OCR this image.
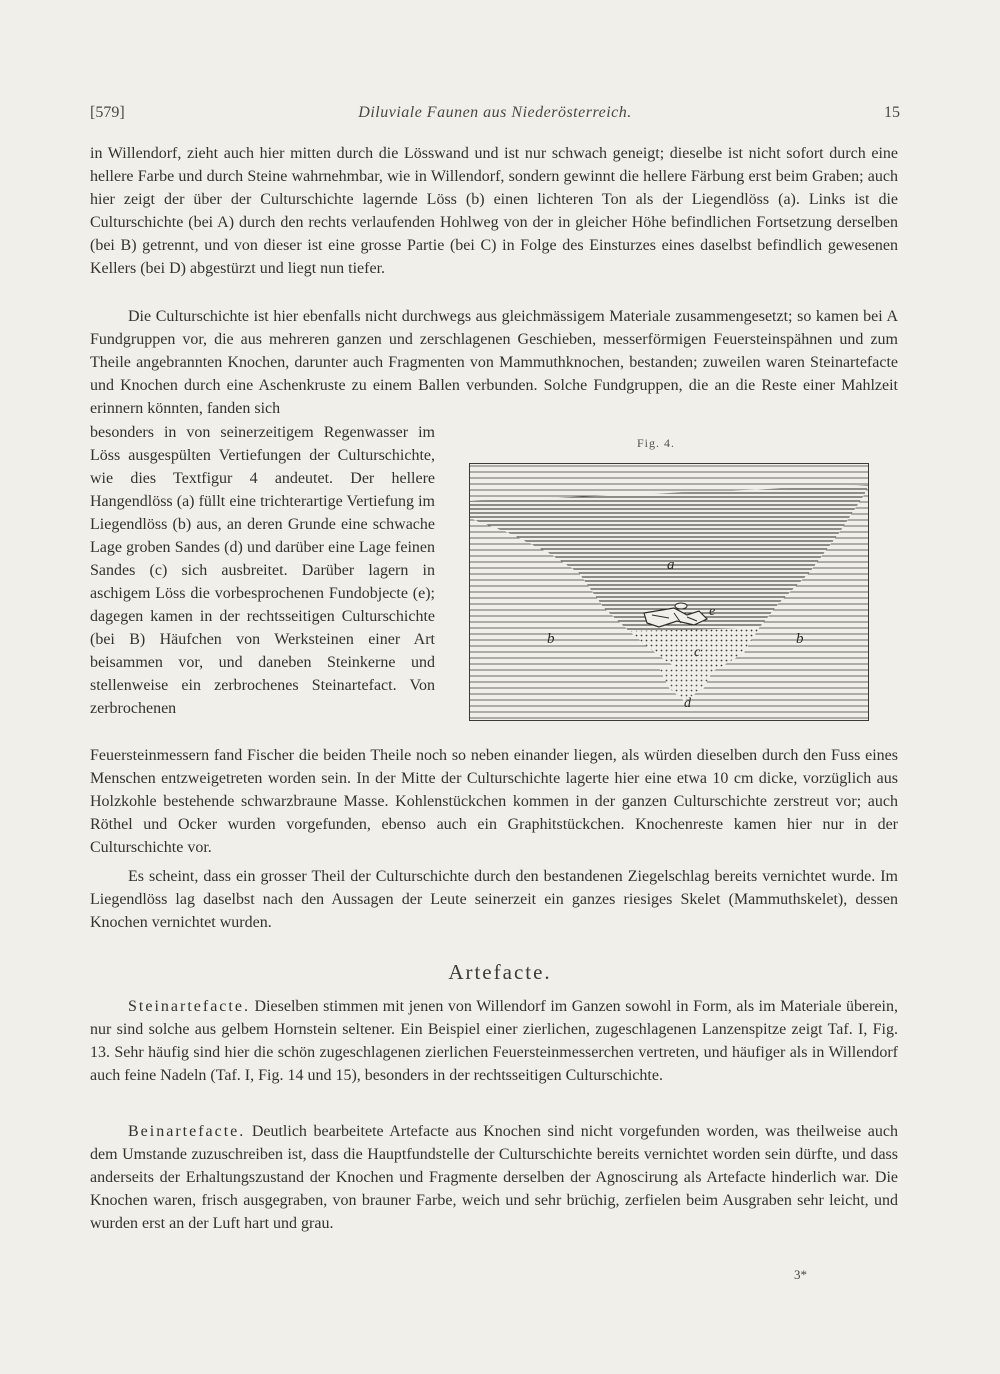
[579]	Diluviale Faunen aus Niederösterreich.	15

in Willendorf, zieht auch hier mitten durch die Lösswand und ist nur schwach geneigt; dieselbe ist nicht sofort durch eine hellere Farbe und durch Steine wahrnehmbar, wie in Willendorf, sondern gewinnt die hellere Färbung erst beim Graben; auch hier zeigt der über der Culturschichte lagernde Löss (b) einen lichteren Ton als der Liegendlöss (a). Links ist die Culturschichte (bei A) durch den rechts verlaufenden Hohlweg von der in gleicher Höhe befindlichen Fortsetzung derselben (bei B) getrennt, und von dieser ist eine grosse Partie (bei C) in Folge des Einsturzes eines daselbst befindlich gewesenen Kellers (bei D) abgestürzt und liegt nun tiefer.

Die Culturschichte ist hier ebenfalls nicht durchwegs aus gleichmässigem Materiale zusammengesetzt; so kamen bei A Fundgruppen vor, die aus mehreren ganzen und zerschlagenen Geschieben, messerförmigen Feuersteinspähnen und zum Theile angebrannten Knochen, darunter auch Fragmenten von Mammuthknochen, bestanden; zuweilen waren Steinartefacte und Knochen durch eine Aschenkruste zu einem Ballen verbunden. Solche Fundgruppen, die an die Reste einer Mahlzeit erinnern könnten, fanden sich

besonders in von seinerzeitigem Regenwasser im Löss ausgespülten Vertiefungen der Culturschichte, wie dies Textfigur 4 andeutet. Der hellere Hangendlöss (a) füllt eine trichterartige Vertiefung im Liegendlöss (b) aus, an deren Grunde eine schwache Lage groben Sandes (d) und darüber eine Lage feinen Sandes (c) sich ausbreitet. Darüber lagern in aschigem Löss die vorbesprochenen Fundobjecte (e); dagegen kamen in der rechtsseitigen Culturschichte (bei B) Häufchen von Werksteinen einer Art beisammen vor, und daneben Steinkerne und stellenweise ein zerbrochenes Steinartefact. Von zerbrochenen

Feuersteinmessern fand Fischer die beiden Theile noch so neben einander liegen, als würden dieselben durch den Fuss eines Menschen entzweigetreten worden sein. In der Mitte der Culturschichte lagerte hier eine etwa 10 cm dicke, vorzüglich aus Holzkohle bestehende schwarzbraune Masse. Kohlenstückchen kommen in der ganzen Culturschichte zerstreut vor; auch Röthel und Ocker wurden vorgefunden, ebenso auch ein Graphitstückchen. Knochenreste kamen hier nur in der Culturschichte vor.

Es scheint, dass ein grosser Theil der Culturschichte durch den bestandenen Ziegelschlag bereits vernichtet wurde. Im Liegendlöss lag daselbst nach den Aussagen der Leute seinerzeit ein ganzes riesiges Skelet (Mammuthskelet), dessen Knochen vernichtet wurden.

Artefacte.

Steinartefacte. Dieselben stimmen mit jenen von Willendorf im Ganzen sowohl in Form, als im Materiale überein, nur sind solche aus gelbem Hornstein seltener. Ein Beispiel einer zierlichen, zugeschlagenen Lanzenspitze zeigt Taf. I, Fig. 13. Sehr häufig sind hier die schön zugeschlagenen zierlichen Feuersteinmesserchen vertreten, und häufiger als in Willendorf auch feine Nadeln (Taf. I, Fig. 14 und 15), besonders in der rechtsseitigen Culturschichte.

Beinartefacte. Deutlich bearbeitete Artefacte aus Knochen sind nicht vorgefunden worden, was theilweise auch dem Umstande zuzuschreiben ist, dass die Hauptfundstelle der Culturschichte bereits vernichtet worden sein dürfte, und dass anderseits der Erhaltungszustand der Knochen und Fragmente derselben der Agnoscirung als Artefacte hinderlich war. Die Knochen waren, frisch ausgegraben, von brauner Farbe, weich und sehr brüchig, zerfielen beim Ausgraben sehr leicht, und wurden erst an der Luft hart und grau.

Fig. 4.
a
b	b
c
d
e
3*
